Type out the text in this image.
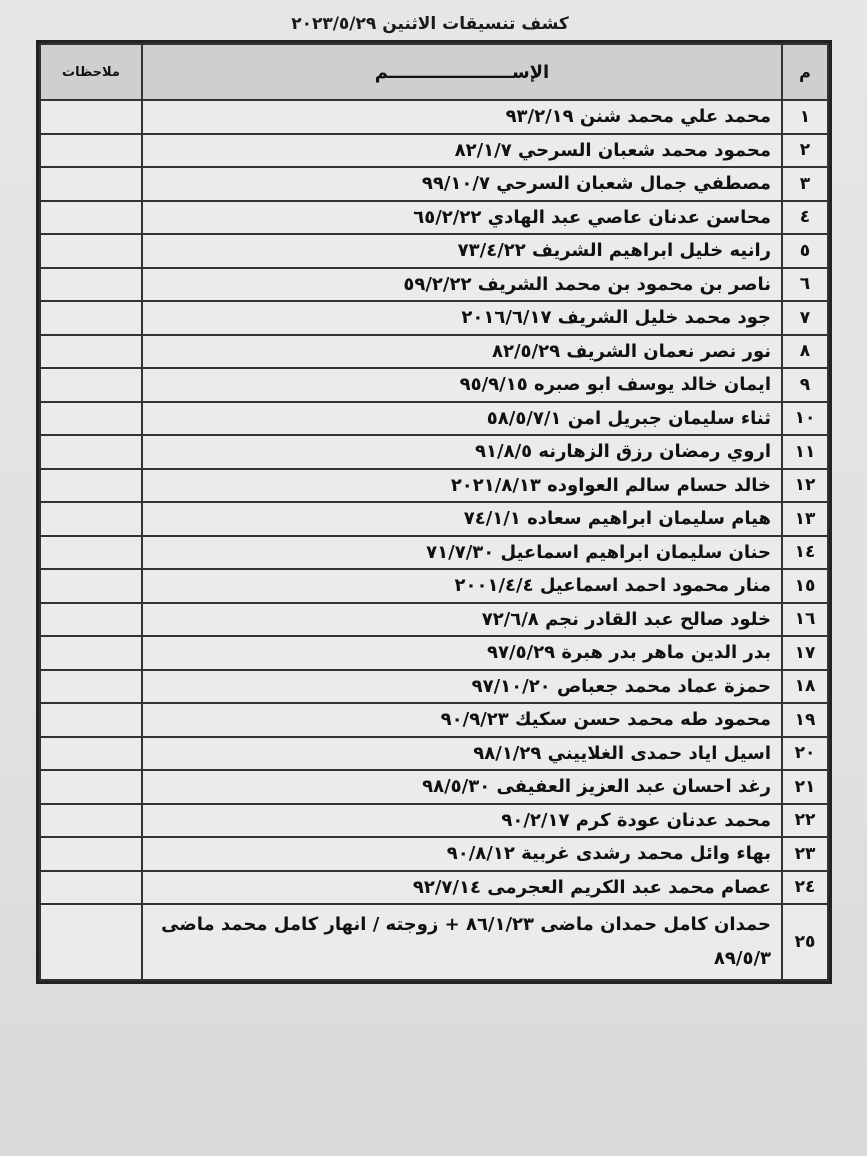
كشف تنسيقات الاثنين ٢٠٢٣/٥/٢٩
م	الإســــــــــــــــــــم	ملاحظات
١	محمد علي محمد شنن ٩٣/٢/١٩	
٢	محمود محمد شعبان السرحي ٨٢/١/٧	
٣	مصطفي جمال شعبان السرحي ٩٩/١٠/٧	
٤	محاسن عدنان عاصي عبد الهادي ٦٥/٢/٢٢	
٥	رانيه خليل ابراهيم الشريف ٧٣/٤/٢٢	
٦	ناصر بن محمود بن محمد الشريف ٥٩/٢/٢٢	
٧	جود محمد خليل الشريف ٢٠١٦/٦/١٧	
٨	نور نصر نعمان الشريف ٨٢/٥/٢٩	
٩	ايمان خالد يوسف ابو صبره ٩٥/٩/١٥	
١٠	ثناء سليمان جبريل امن ٥٨/٥/٧/١	
١١	اروي رمضان رزق الزهارنه ٩١/٨/٥	
١٢	خالد حسام سالم العواوده ٢٠٢١/٨/١٣	
١٣	هيام سليمان ابراهيم سعاده ٧٤/١/١	
١٤	حنان سليمان ابراهيم اسماعيل ٧١/٧/٣٠	
١٥	منار محمود احمد اسماعيل ٢٠٠١/٤/٤	
١٦	خلود صالح عبد القادر نجم ٧٢/٦/٨	
١٧	بدر الدين ماهر بدر هبرة ٩٧/٥/٢٩	
١٨	حمزة عماد محمد جعباص ٩٧/١٠/٢٠	
١٩	محمود طه محمد حسن سكيك ٩٠/٩/٢٣	
٢٠	اسيل اياد حمدى الغلاييني ٩٨/١/٢٩	
٢١	رغد احسان عبد العزيز العفيفى ٩٨/٥/٣٠	
٢٢	محمد عدنان عودة كرم ٩٠/٢/١٧	
٢٣	بهاء وائل محمد رشدى غربية ٩٠/٨/١٢	
٢٤	عصام محمد عبد الكريم العجرمى ٩٢/٧/١٤	
٢٥	حمدان كامل حمدان ماضى ٨٦/١/٢٣ + زوجته / انهار كامل محمد ماضى ٨٩/٥/٣	
